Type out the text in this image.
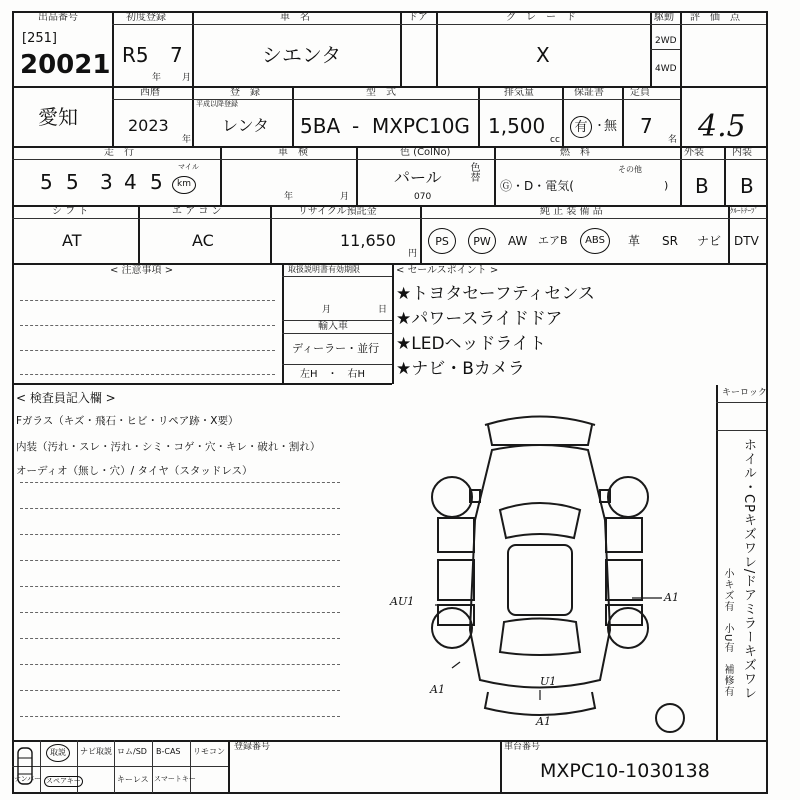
出品番号
[251]
20021
初度登録
R5 7
年 月
車　名
シエンタ
ドア	グ　レ　ー　ド
X
駆動
2WD
4WD
評　価　点
4.5
愛知
西暦
2023
年
登　録
平成以降登録
レンタ
型　式
5BA - MXPC10G
排気量
1,500
cc
保証書
有 ・ 無
定員
7
名
走　行
5 5 3 4 5
マイル
km
車　検
年	月
色 (ColNo)
パール
070
色替
燃　料
Ⓖ・D・電気(
その他
)
外装
B
内装
B
シ フ ト
AT
エ ア コ ン
AC
リサイクル預託金
11,650
円
純 正 装 備 品	ｸﾙｰﾄﾃｰﾌﾞ
PS	PW	AW エアB	ABS	革 SR ナビ DTV
< 注意事項 >	取扱説明書有効期限
月	日
輸入車
ディーラー・並行
左H　・　右H
< セールスポイント >
★トヨタセーフティセンス
★パワースライドドア
★LEDヘッドライト
★ナビ・Bカメラ
< 検査員記入欄 >
Fガラス（キズ・飛石・ヒビ・リペア跡・X要）
内装（汚れ・スレ・汚れ・シミ・コゲ・穴・キレ・破れ・割れ）
オーディオ（無し・穴）/ タイヤ（スタッドレス）
キーロック
ホイル・CPキズワレ/ドアミラーキズワレ
小キズ有　小U有　補修有
AU1	A1
A1
U1
A1
取説	ナビ取説 ロム/SD B-CAS リモコン
ナンバー スペアキー	キーレス スマートキー
登録番号	車台番号
MXPC10-1030138
